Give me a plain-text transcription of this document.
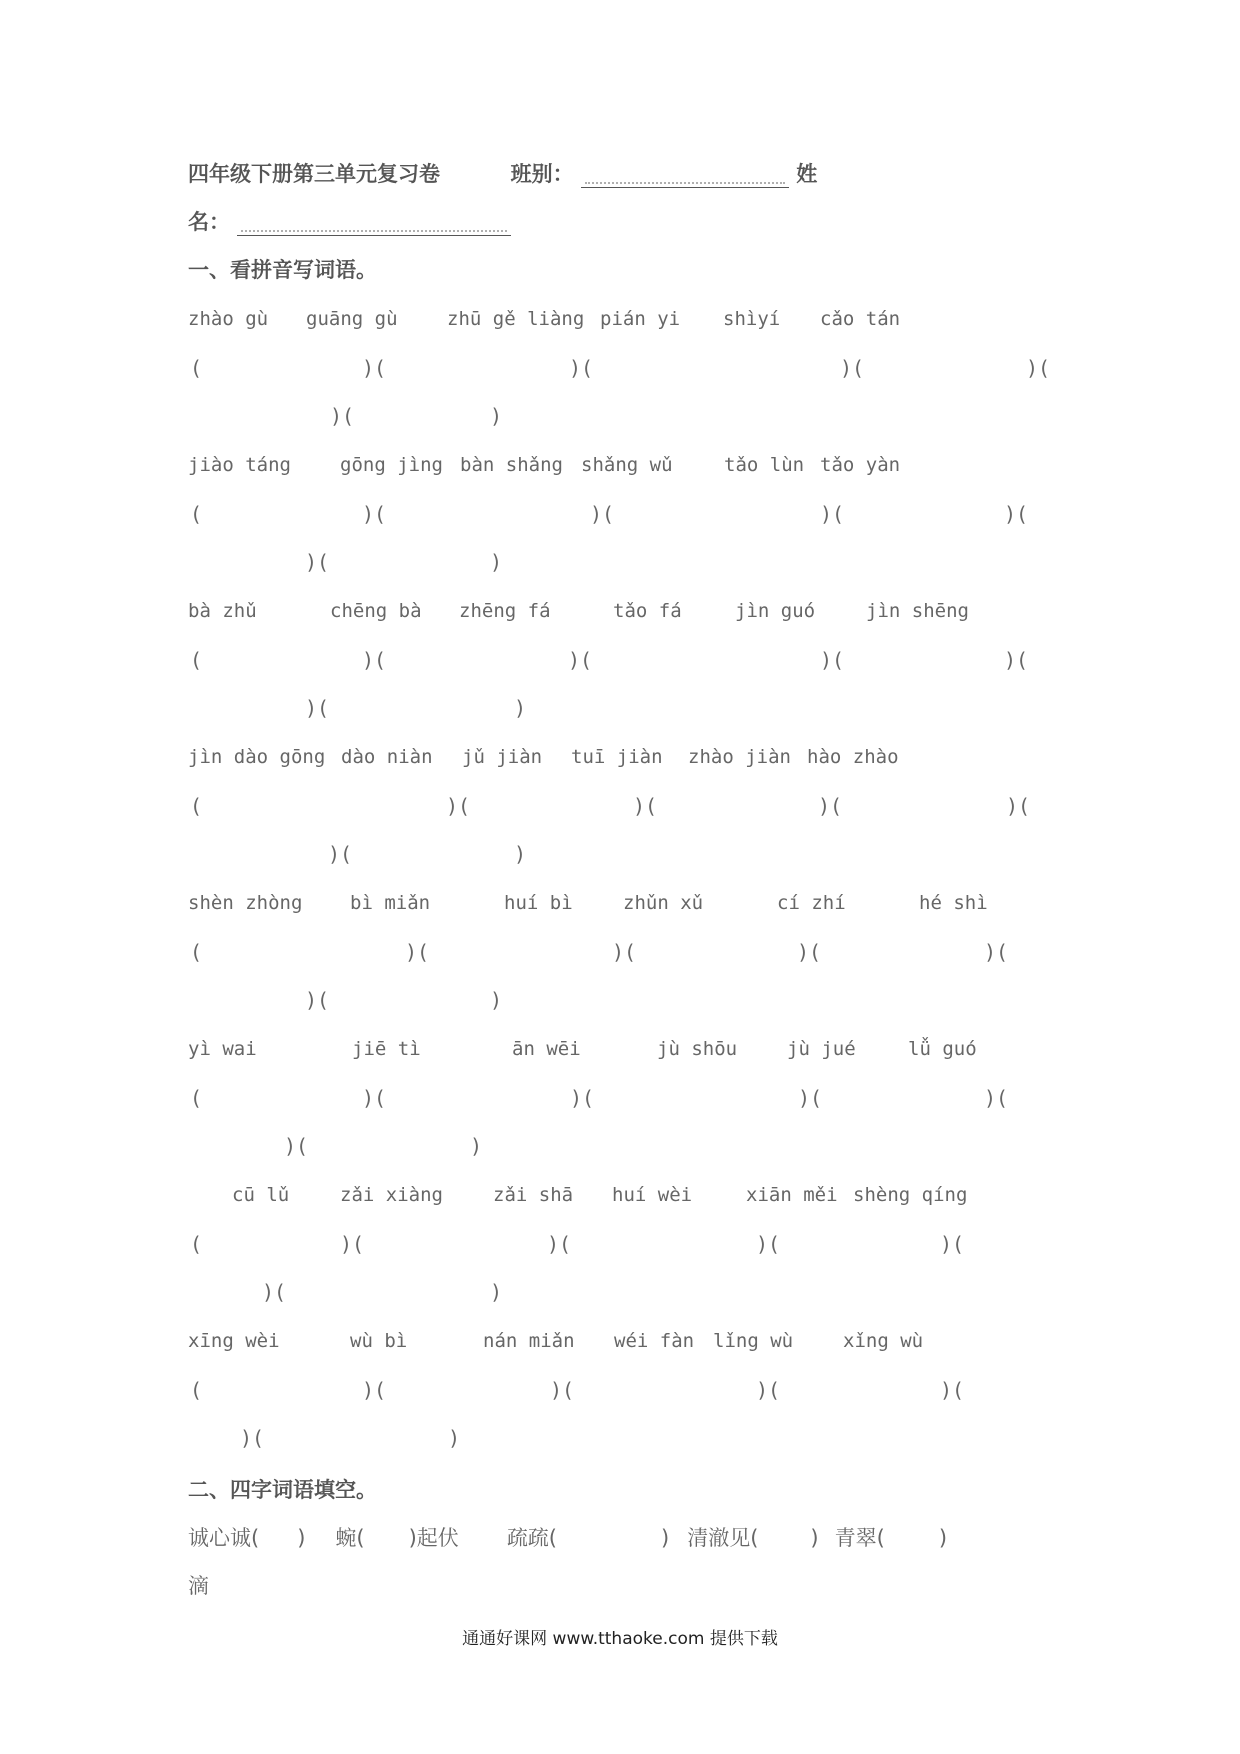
四年级下册第三单元复习卷	班别：	姓
名：
一、看拼音写词语。
zhào gù guāng gù	zhū gě liàng pián yi shìyí cǎo tán
(	)(	)(	)(	)(
)(	)
jiào táng	gōng jìng bàn shǎng shǎng wǔ	tǎo lùn tǎo yàn
(	)(	)(	)(	)(
)(	)
bà zhǔ	chēng bà zhēng fá	tǎo fá	jìn guó	jìn shēng
(	)(	)(	)(	)(
)(	)
jìn dào gōng dào niàn jǔ jiàn tuī jiàn zhào jiàn hào zhào
(	)(	)(	)(	)(
)(	)
shèn zhòng	bì miǎn	huí bì	zhǔn xǔ	cí zhí	hé shì
(	)(	)(	)(	)(
)(	)
yì wai	jiē tì	ān wēi	jù shōu	jù jué	lǚ guó
(	)(	)(	)(	)(
)(	)
cū lǔ	zǎi xiàng	zǎi shā huí wèi	xiān měi shèng qíng
(	)(	)(	)(	)(
)(	)
xīng wèi	wù bì	nán miǎn wéi fàn lǐng wù	xǐng wù
(	)(	)(	)(	)(
)(	)
二、四字词语填空。
诚心诚( ) 蜿( )起伏 疏疏(	) 清澈见( ) 青翠(	)
滴
通通好课网 www.tthaoke.com 提供下载
